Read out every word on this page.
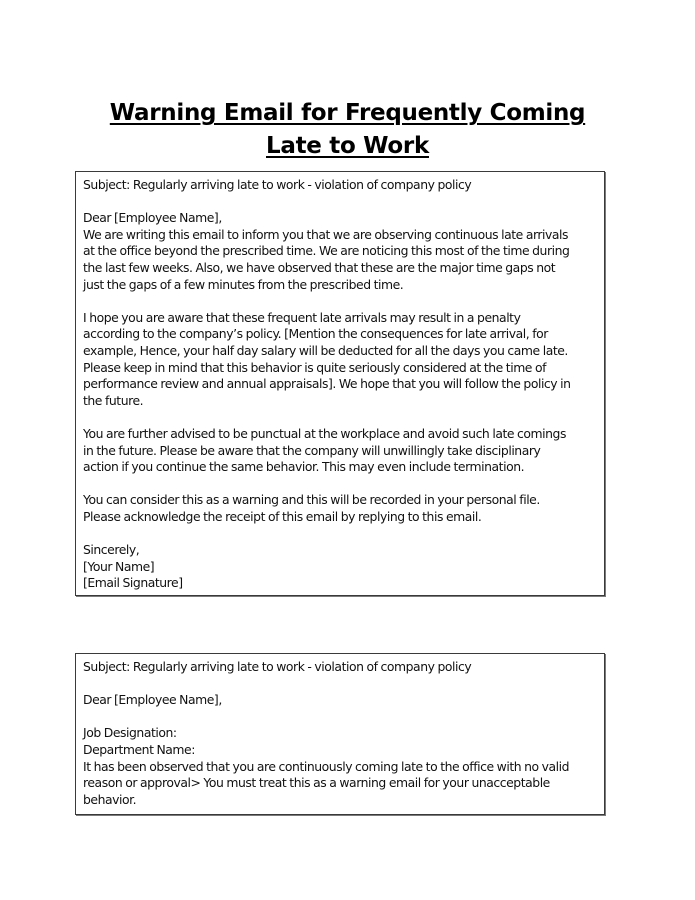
Warning Email for Frequently Coming
Late to Work
Subject: Regularly arriving late to work - violation of company policy
Dear [Employee Name],
We are writing this email to inform you that we are observing continuous late arrivals
at the office beyond the prescribed time. We are noticing this most of the time during
the last few weeks. Also, we have observed that these are the major time gaps not
just the gaps of a few minutes from the prescribed time.
I hope you are aware that these frequent late arrivals may result in a penalty
according to the company’s policy. [Mention the consequences for late arrival, for
example, Hence, your half day salary will be deducted for all the days you came late.
Please keep in mind that this behavior is quite seriously considered at the time of
performance review and annual appraisals]. We hope that you will follow the policy in
the future.
You are further advised to be punctual at the workplace and avoid such late comings
in the future. Please be aware that the company will unwillingly take disciplinary
action if you continue the same behavior. This may even include termination.
You can consider this as a warning and this will be recorded in your personal file.
Please acknowledge the receipt of this email by replying to this email.
Sincerely,
[Your Name]
[Email Signature]
Subject: Regularly arriving late to work - violation of company policy
Dear [Employee Name],
Job Designation:
Department Name:
It has been observed that you are continuously coming late to the office with no valid
reason or approval> You must treat this as a warning email for your unacceptable
behavior.
